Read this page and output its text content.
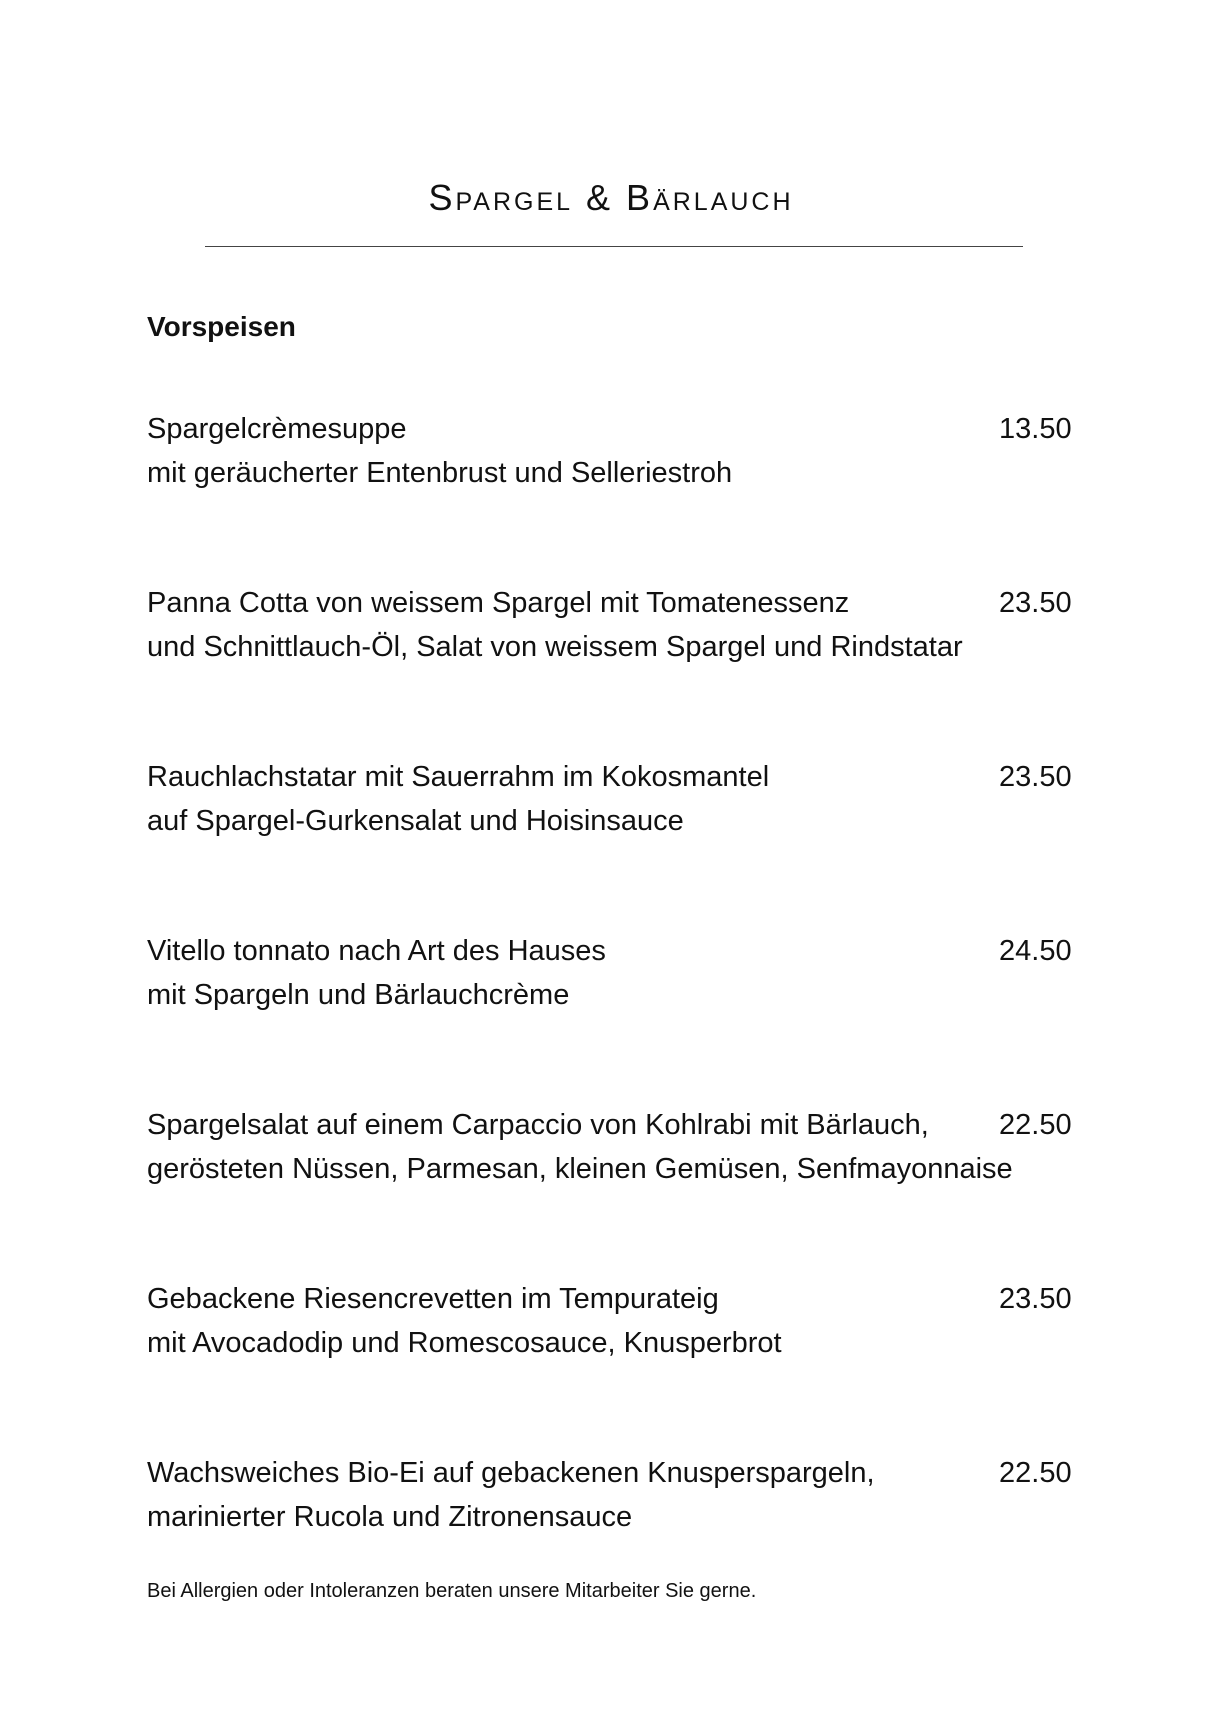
Spargel & Bärlauch
Vorspeisen
Spargelcrèmesuppe
mit geräucherter Entenbrust und Selleriestroh
13.50
Panna Cotta von weissem Spargel mit Tomatenessenz
und Schnittlauch-Öl, Salat von weissem Spargel und Rindstatar
23.50
Rauchlachstatar mit Sauerrahm im Kokosmantel
auf Spargel-Gurkensalat und Hoisinsauce
23.50
Vitello tonnato nach Art des Hauses
mit Spargeln und Bärlauchcrème
24.50
Spargelsalat auf einem Carpaccio von Kohlrabi mit Bärlauch,
gerösteten Nüssen, Parmesan, kleinen Gemüsen, Senfmayonnaise
22.50
Gebackene Riesencrevetten im Tempurateig
mit Avocadodip und Romescosauce, Knusperbrot
23.50
Wachsweiches Bio-Ei auf gebackenen Knusperspargeln,
marinierter Rucola und Zitronensauce
22.50
Bei Allergien oder Intoleranzen beraten unsere Mitarbeiter Sie gerne.
